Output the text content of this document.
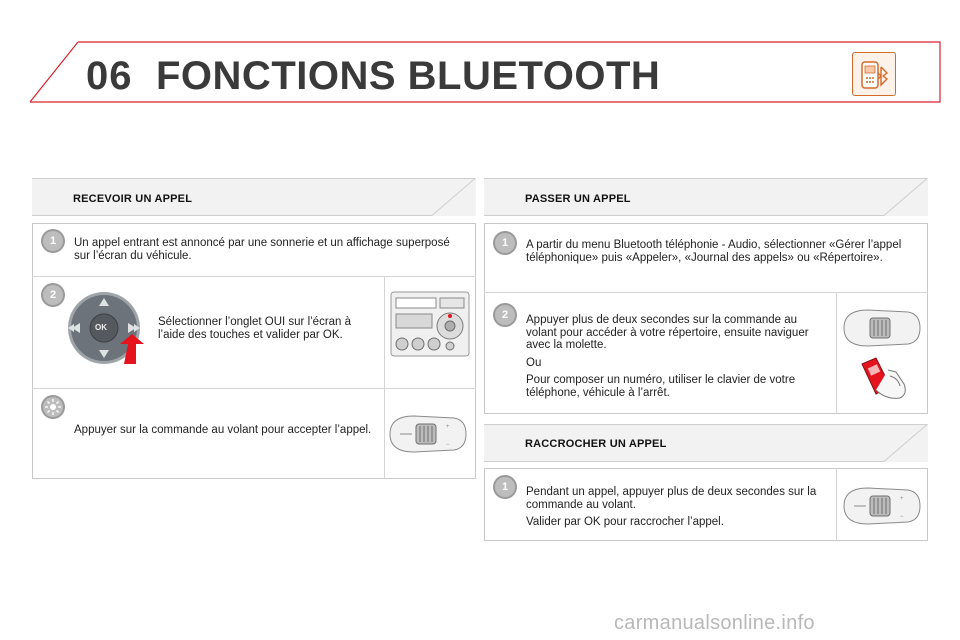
06 FONCTIONS BLUETOOTH
RECEVOIR UN APPEL
1	Un appel entrant est annoncé par une sonnerie et un affichage superposé sur l’écran du véhicule.
2
OK	Sélectionner l’onglet OUI sur l’écran à l’aide des touches et valider par OK.
Appuyer sur la commande au volant pour accepter l’appel.	+
−
PASSER UN APPEL
1	A partir du menu Bluetooth téléphonie - Audio, sélectionner «Gérer l’appel téléphonique» puis «Appeler», «Journal des appels» ou «Répertoire».
2	Appuyer plus de deux secondes sur la commande au volant pour accéder à votre répertoire, ensuite naviguer avec la molette.

Ou

Pour composer un numéro, utiliser le clavier de votre téléphone, véhicule à l’arrêt.

RACCROCHER UN APPEL
1	Pendant un appel, appuyer plus de deux secondes sur la commande au volant.

Valider par OK pour raccrocher l’appel.

+
−
carmanualsonline.info
